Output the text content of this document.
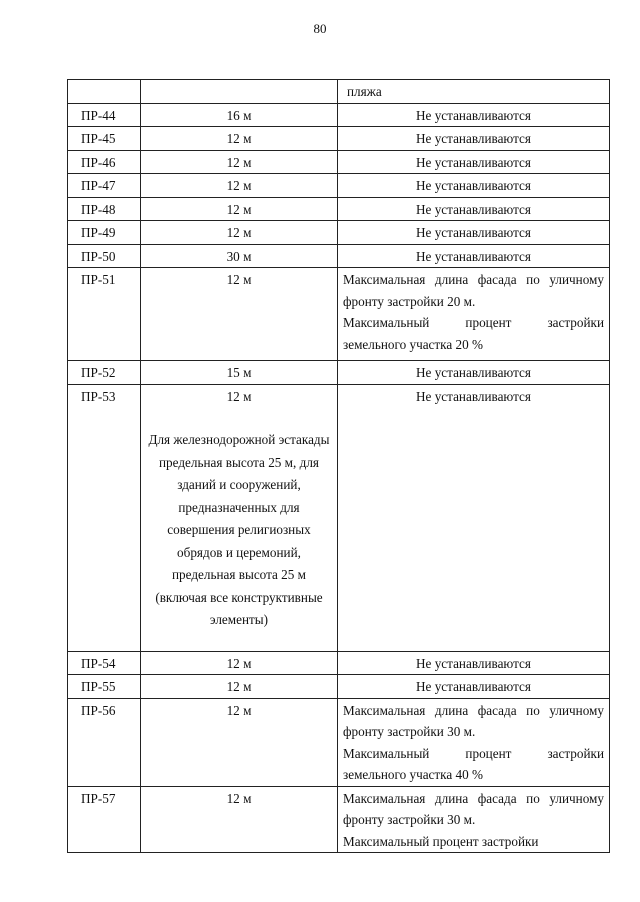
80

		пляжа

ПР-44	16 м	Не устанавливаются

ПР-45	12 м	Не устанавливаются

ПР-46	12 м	Не устанавливаются

ПР-47	12 м	Не устанавливаются

ПР-48	12 м	Не устанавливаются

ПР-49	12 м	Не устанавливаются

ПР-50	30 м	Не устанавливаются

ПР-51	12 м	Максимальная длина фасада по уличному фронту застройки 20 м.
Максимальный процент застройки земельного участка 20 %

ПР-52	15 м	Не устанавливаются

ПР-53	12 м
Для железнодорожной эстакады предельная высота 25 м, для зданий и сооружений, предназначенных для совершения религиозных обрядов и церемоний, предельная высота 25 м (включая все конструктивные элементы)	Не устанавливаются

ПР-54	12 м	Не устанавливаются

ПР-55	12 м	Не устанавливаются

ПР-56	12 м	Максимальная длина фасада по уличному фронту застройки 30 м.
Максимальный процент застройки земельного участка 40 %

ПР-57	12 м	Максимальная длина фасада по уличному фронту застройки 30 м.
Максимальный процент застройки
